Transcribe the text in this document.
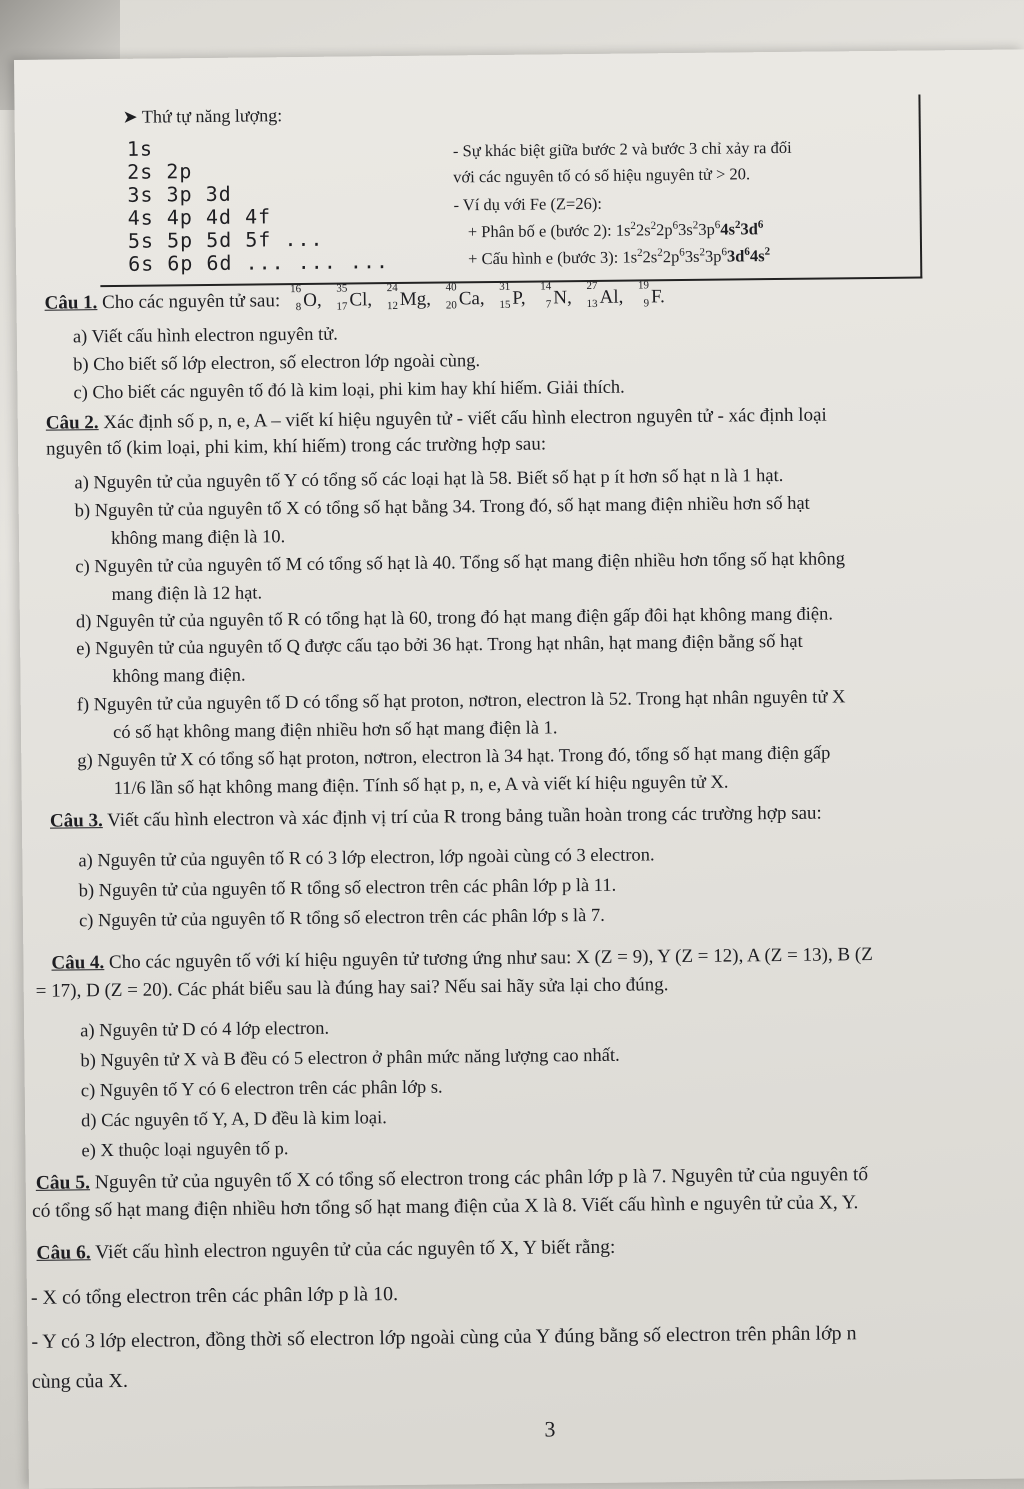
➤ Thứ tự năng lượng:
1s
2s 2p
3s 3p 3d
4s 4p 4d 4f
5s 5p 5d 5f ...
6s 6p 6d ... ... ...
- Sự khác biệt giữa bước 2 và bước 3 chỉ xảy ra đối
với các nguyên tố có số hiệu nguyên tử > 20.
- Ví dụ với Fe (Z=26):
+ Phân bố e (bước 2): $1s^22s^22p^63s^23p^64s^23d^6$
+ Cấu hình e (bước 3): $1s^22s^22p^63s^23p^63d^64s^2$
Câu 1. Cho các nguyên tử sau:
16
8 O,
35
17 Cl,
24
12 Mg,
40
20 Ca,
31
15 P,
14
7 N,
27
13 Al,
19
9 F.
a) Viết cấu hình electron nguyên tử.
b) Cho biết số lớp electron, số electron lớp ngoài cùng.
c) Cho biết các nguyên tố đó là kim loại, phi kim hay khí hiếm. Giải thích.
Câu 2. Xác định số p, n, e, A – viết kí hiệu nguyên tử - viết cấu hình electron nguyên tử - xác định loại
nguyên tố (kim loại, phi kim, khí hiếm) trong các trường hợp sau:
a) Nguyên tử của nguyên tố Y có tổng số các loại hạt là 58. Biết số hạt p ít hơn số hạt n là 1 hạt.
b) Nguyên tử của nguyên tố X có tổng số hạt bằng 34. Trong đó, số hạt mang điện nhiều hơn số hạt
không mang điện là 10.
c) Nguyên tử của nguyên tố M có tổng số hạt là 40. Tổng số hạt mang điện nhiều hơn tổng số hạt không
mang điện là 12 hạt.
d) Nguyên tử của nguyên tố R có tổng hạt là 60, trong đó hạt mang điện gấp đôi hạt không mang điện.
e) Nguyên tử của nguyên tố Q được cấu tạo bởi 36 hạt. Trong hạt nhân, hạt mang điện bằng số hạt
không mang điện.
f) Nguyên tử của nguyên tố D có tổng số hạt proton, nơtron, electron là 52. Trong hạt nhân nguyên tử X
có số hạt không mang điện nhiều hơn số hạt mang điện là 1.
g) Nguyên tử X có tổng số hạt proton, nơtron, electron là 34 hạt. Trong đó, tổng số hạt mang điện gấp
11/6 lần số hạt không mang điện. Tính số hạt p, n, e, A và viết kí hiệu nguyên tử X.
Câu 3. Viết cấu hình electron và xác định vị trí của R trong bảng tuần hoàn trong các trường hợp sau:
a) Nguyên tử của nguyên tố R có 3 lớp electron, lớp ngoài cùng có 3 electron.
b) Nguyên tử của nguyên tố R tổng số electron trên các phân lớp p là 11.
c) Nguyên tử của nguyên tố R tổng số electron trên các phân lớp s là 7.
Câu 4. Cho các nguyên tố với kí hiệu nguyên tử tương ứng như sau: X (Z = 9), Y (Z = 12), A (Z = 13), B (Z
= 17), D (Z = 20). Các phát biểu sau là đúng hay sai? Nếu sai hãy sửa lại cho đúng.
a) Nguyên tử D có 4 lớp electron.
b) Nguyên tử X và B đều có 5 electron ở phân mức năng lượng cao nhất.
c) Nguyên tố Y có 6 electron trên các phân lớp s.
d) Các nguyên tố Y, A, D đều là kim loại.
e) X thuộc loại nguyên tố p.
Câu 5. Nguyên tử của nguyên tố X có tổng số electron trong các phân lớp p là 7. Nguyên tử của nguyên tố
có tổng số hạt mang điện nhiều hơn tổng số hạt mang điện của X là 8. Viết cấu hình e nguyên tử của X, Y.
Câu 6. Viết cấu hình electron nguyên tử của các nguyên tố X, Y biết rằng:
- X có tổng electron trên các phân lớp p là 10.
- Y có 3 lớp electron, đồng thời số electron lớp ngoài cùng của Y đúng bằng số electron trên phân lớp n
cùng của X.
3
